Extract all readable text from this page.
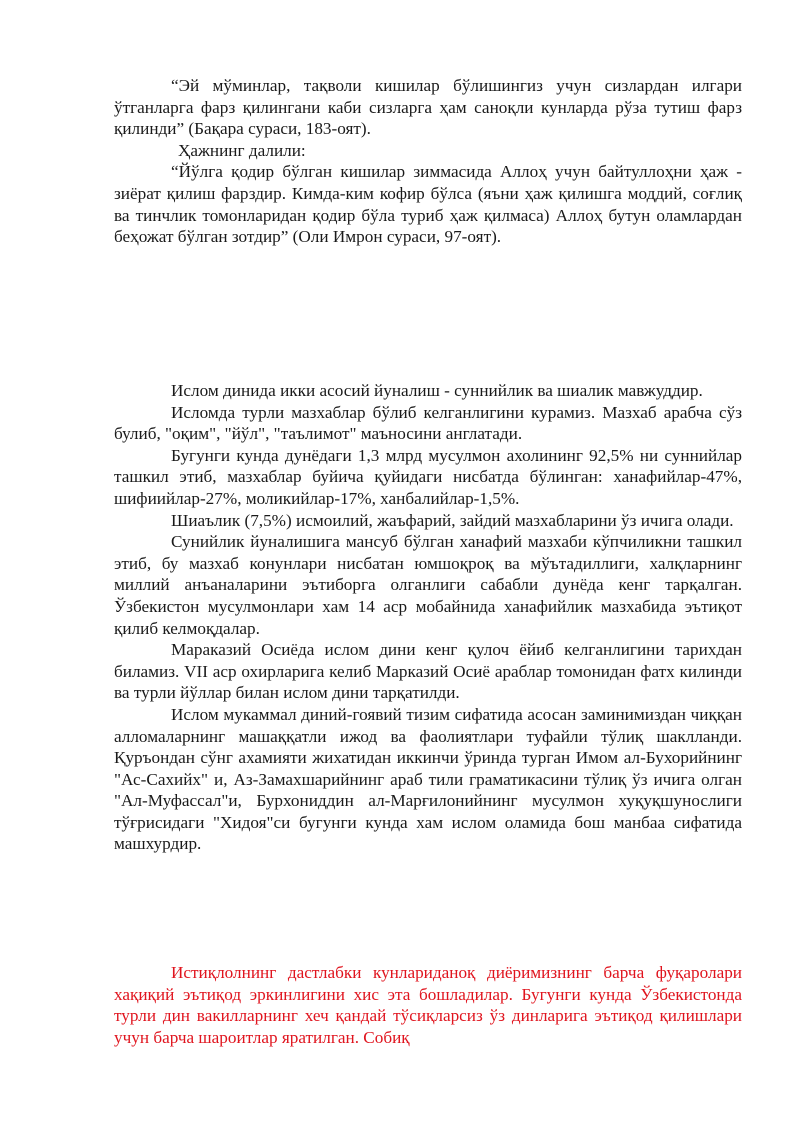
“Эй мўминлар, тақволи кишилар бўлишингиз учун сизлардан илгари ўтганларга фарз қилингани каби сизларга ҳам саноқли кунларда рўза тутиш фарз қилинди” (Бақара сураси, 183-оят).

Ҳажнинг далили:

“Йўлга қодир бўлган кишилар зиммасида Аллоҳ учун байтуллоҳни ҳаж - зиёрат қилиш фарздир. Кимда-ким кофир бўлса (яъни ҳаж қилишга моддий, соғлиқ ва тинчлик томонларидан қодир бўла туриб ҳаж қилмаса) Аллоҳ бутун оламлардан беҳожат бўлган зотдир” (Оли Имрон сураси, 97-оят).

Ислом динида икки асосий йуналиш - суннийлик ва шиалик мавжуддир.

Исломда турли мазхаблар бўлиб келганлигини курамиз. Мазхаб арабча сўз булиб, "оқим", "йўл", "таълимот" маъносини англатади.

Бугунги кунда дунёдаги 1,3 млрд мусулмон ахолининг 92,5% ни суннийлар ташкил этиб, мазхаблар буйича қуйидаги нисбатда бўлинган: ханафийлар-47%, шифиийлар-27%, моликийлар-17%, ханбалийлар-1,5%.

Шиаълик (7,5%) исмоилий, жаъфарий, зайдий мазхабларини ўз ичига олади.

Сунийлик йуналишига мансуб бўлган ханафий мазхаби кўпчиликни ташкил этиб, бу мазхаб конунлари нисбатан юмшоқроқ ва мўътадиллиги, халқларнинг миллий анъаналарини эътиборга олганлиги сабабли дунёда кенг тарқалган. Ўзбекистон мусулмонлари хам 14 аср мобайнида ханафийлик мазхабида эътиқот қилиб келмоқдалар.

Мараказий Осиёда ислом дини кенг қулоч ёйиб келганлигини тарихдан биламиз. VII аср охирларига келиб Марказий Осиё араблар томонидан фатх килинди ва турли йўллар билан ислом дини тарқатилди.

Ислом мукаммал диний-гоявий тизим сифатида асосан заминимиздан чиққан алломаларнинг машаққатли ижод ва фаолиятлари туфайли тўлиқ шаклланди. Қуръондан сўнг ахамияти жихатидан иккинчи ўринда турган Имом ал-Бухорийнинг "Ас-Сахийх" и, Аз-Замахшарийнинг араб тили граматикасини тўлиқ ўз ичига олган "Ал-Муфассал"и, Бурхониддин ал-Марғилонийнинг мусулмон хуқуқшунослиги тўғрисидаги "Хидоя"си бугунги кунда хам ислом оламида бош манбаа сифатида машхурдир.

Истиқлолнинг дастлабки кунлариданоқ диёримизнинг барча фуқаролари хақиқий эътиқод эркинлигини хис эта бошладилар. Бугунги кунда Ўзбекистонда турли дин вакилларнинг хеч қандай тўсиқларсиз ўз динларига эътиқод қилишлари учун барча шароитлар яратилган. Собиқ
